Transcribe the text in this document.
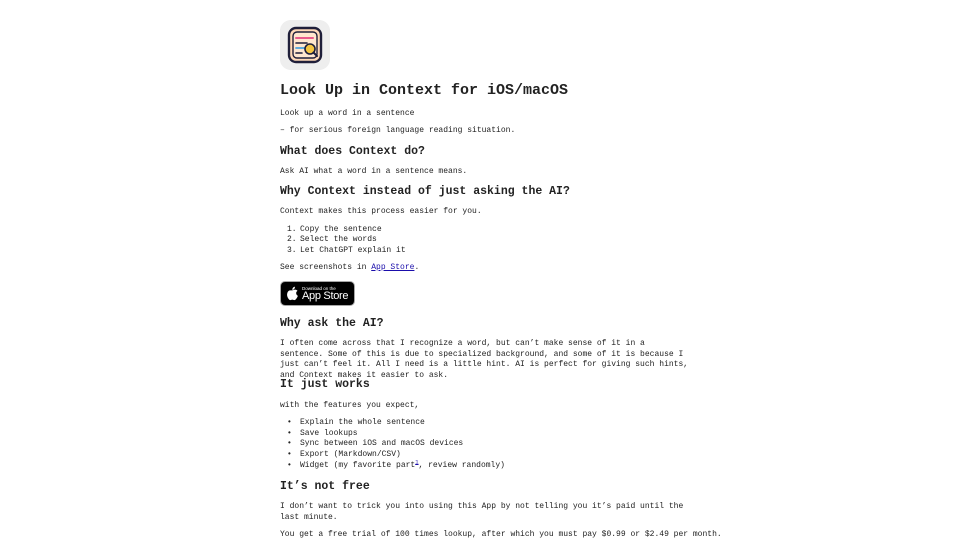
Look Up in Context for iOS/macOS

Look up a word in a sentence

– for serious foreign language reading situation.

What does Context do?

Ask AI what a word in a sentence means.

Why Context instead of just asking the AI?

Context makes this process easier for you.

1. Copy the sentence
2. Select the words
3. Let ChatGPT explain it

See screenshots in App Store.

Download on the
App Store
Why ask the AI?

I often come across that I recognize a word, but can’t make sense of it in a sentence. Some of this is due to specialized background, and some of it is because I just can’t feel it. All I need is a little hint. AI is perfect for giving such hints, and Context makes it easier to ask.

It just works

with the features you expect,

• Explain the whole sentence
• Save lookups
• Sync between iOS and macOS devices
• Export (Markdown/CSV)
• Widget (my favorite part$^1$, review randomly)
It’s not free

I don’t want to trick you into using this App by not telling you it’s paid until the last minute.

You get a free trial of 100 times lookup, after which you must pay $0.99 or $2.49 per month.
